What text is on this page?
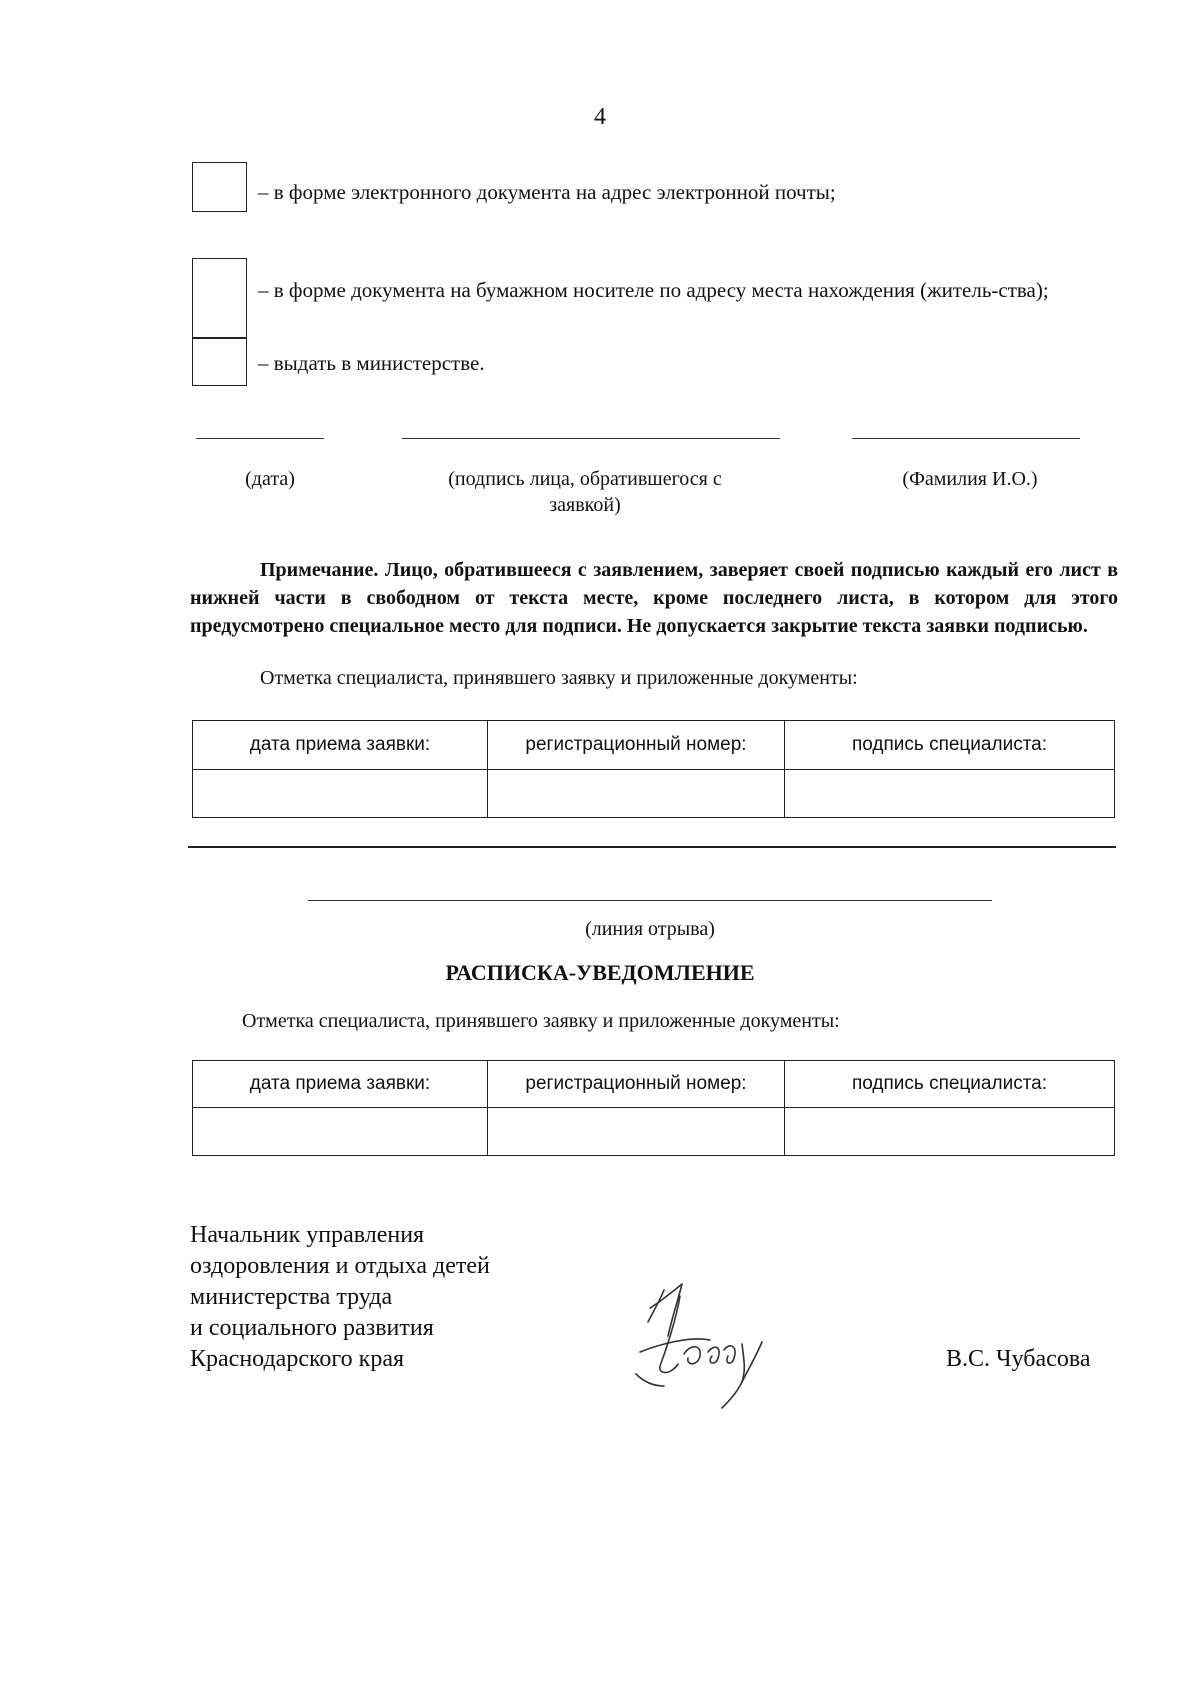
4
– в форме электронного документа на адрес электронной почты;
– в форме документа на бумажном носителе по адресу места нахождения (житель-ства);
– выдать в министерстве.
(дата)	(подпись лица, обратившегося с заявкой)
(Фамилия И.О.)
Примечание. Лицо, обратившееся с заявлением, заверяет своей подписью каждый его лист в нижней части в свободном от текста месте, кроме последнего листа, в котором для этого предусмотрено специальное место для подписи. Не допускается закрытие текста заявки подписью.
Отметка специалиста, принявшего заявку и приложенные документы:
дата приема заявки:	регистрационный номер:	подпись специалиста:

(линия отрыва)
РАСПИСКА-УВЕДОМЛЕНИЕ
Отметка специалиста, принявшего заявку и приложенные документы:
дата приема заявки:	регистрационный номер:	подпись специалиста:

Начальник управления
оздоровления и отдыха детей
министерства труда
и социального развития
Краснодарского края	В.С. Чубасова
